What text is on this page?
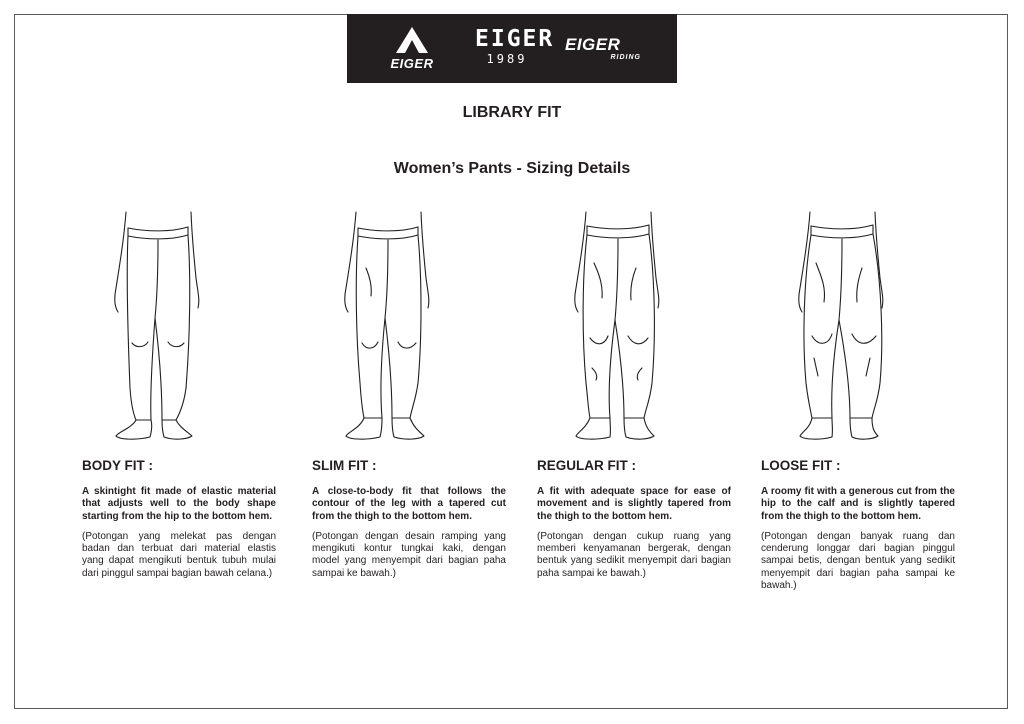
EIGER
EIGER
1989
EIGER
RIDING
LIBRARY FIT
Women’s Pants - Sizing Details
BODY FIT :

A skintight fit made of elastic material that adjusts well to the body shape starting from the hip to the bottom hem.

(Potongan yang melekat pas dengan badan dan terbuat dari material elastis yang dapat mengikuti bentuk tubuh mulai dari pinggul sampai bagian bawah celana.)

SLIM FIT :

A close-to-body fit that follows the contour of the leg with a tapered cut from the thigh to the bottom hem.

(Potongan dengan desain ramping yang mengikuti kontur tungkai kaki, dengan model yang menyempit dari bagian paha sampai ke bawah.)

REGULAR FIT :

A fit with adequate space for ease of movement and is slightly tapered from the thigh to the bottom hem.

(Potongan dengan cukup ruang yang memberi kenyamanan bergerak, dengan bentuk yang sedikit menyempit dari bagian paha sampai ke bawah.)

LOOSE FIT :

A roomy fit with a generous cut from the hip to the calf and is slightly tapered from the thigh to the bottom hem.

(Potongan dengan banyak ruang dan cenderung longgar dari bagian pinggul sampai betis, dengan bentuk yang sedikit menyempit dari bagian paha sampai ke bawah.)
